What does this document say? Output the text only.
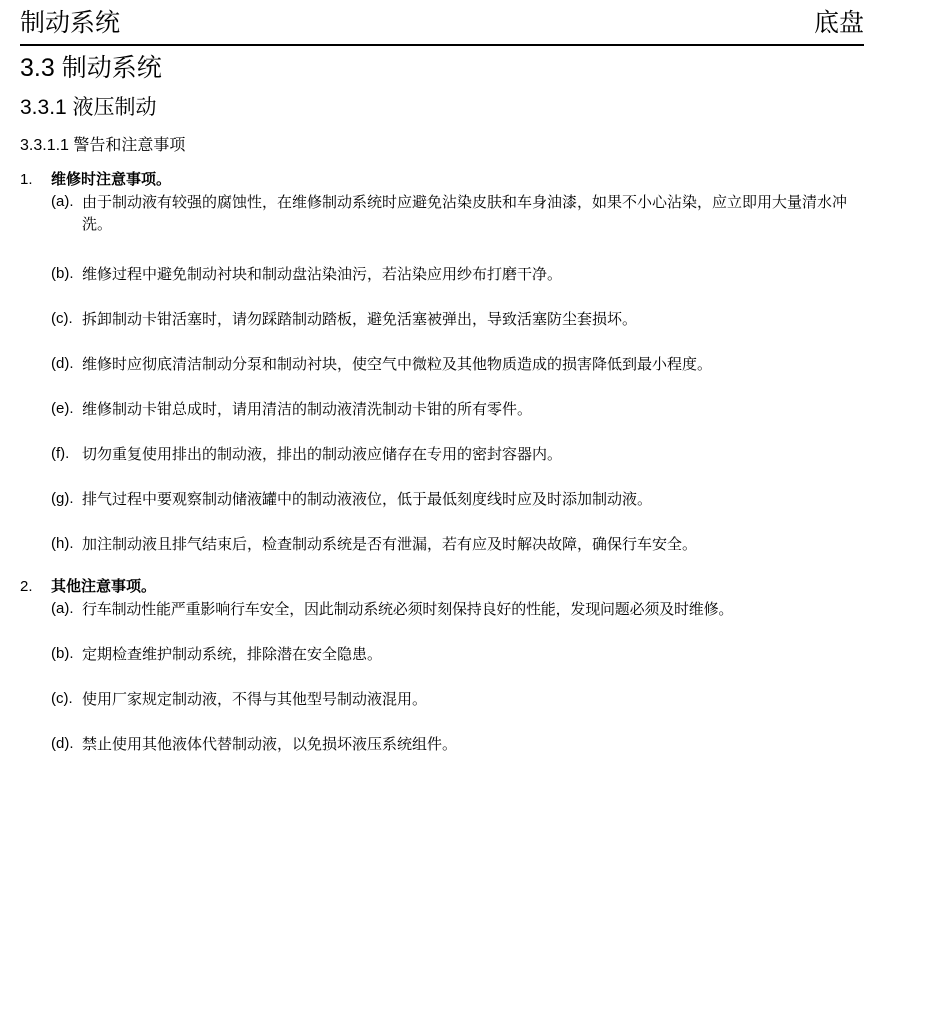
制动系统	底盘
3.3 制动系统
3.3.1 液压制动
3.3.1.1 警告和注意事项
1. 维修时注意事项。
(a). 由于制动液有较强的腐蚀性，在维修制动系统时应避免沾染皮肤和车身油漆，如果不小心沾染，应立即用大量清水冲洗。
(b). 维修过程中避免制动衬块和制动盘沾染油污，若沾染应用纱布打磨干净。
(c). 拆卸制动卡钳活塞时，请勿踩踏制动踏板，避免活塞被弹出，导致活塞防尘套损坏。
(d). 维修时应彻底清洁制动分泵和制动衬块，使空气中微粒及其他物质造成的损害降低到最小程度。
(e). 维修制动卡钳总成时，请用清洁的制动液清洗制动卡钳的所有零件。
(f). 切勿重复使用排出的制动液，排出的制动液应储存在专用的密封容器内。
(g). 排气过程中要观察制动储液罐中的制动液液位，低于最低刻度线时应及时添加制动液。
(h). 加注制动液且排气结束后，检查制动系统是否有泄漏，若有应及时解决故障，确保行车安全。
2. 其他注意事项。
(a). 行车制动性能严重影响行车安全，因此制动系统必须时刻保持良好的性能，发现问题必须及时维修。
(b). 定期检查维护制动系统，排除潜在安全隐患。
(c). 使用厂家规定制动液，不得与其他型号制动液混用。
(d). 禁止使用其他液体代替制动液，以免损坏液压系统组件。
